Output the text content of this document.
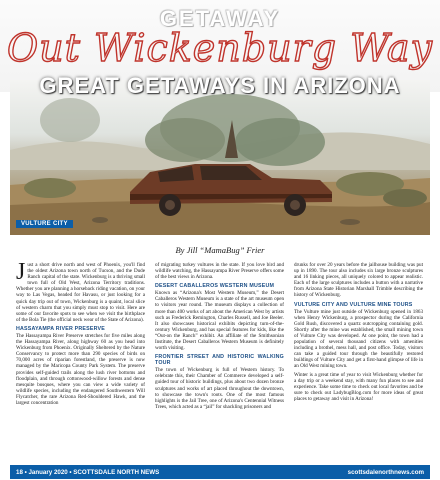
GETAWAY
Out Wickenburg Way
VULTURE CITY
GREAT GETAWAYS IN ARIZONA
By Jill “MamaBug” Frier

Just a short drive north and west of Phoenix, you'll find the oldest Arizona town north of Tucson, and the Dude Ranch capital of the state. Wickenburg is a thriving small town full of Old West, Arizona Territory traditions. Whether you are planning a horseback riding vacation, on your way to Las Vegas, headed for Havasu, or just looking for a quick day trip out of town, Wickenburg is a quaint, local slice of western charm that you simply must stop to visit. Here are some of our favorite spots to see when we visit the birthplace of the Bola Tie (the official neck wear of the State of Arizona).

HASSAYAMPA RIVER PRESERVE

The Hassayampa River Preserve stretches for five miles along the Hassayampa River, along highway 60 as you head into Wickenburg from Phoenix. Originally Sheltered by the Nature Conservancy to protect more than 290 species of birds on 70,000 acres of riparian forestland, the preserve is now managed by the Maricopa County Park System. The preserve provides self-guided trails along the lush river bottoms and floodplain, and through cottonwood-willow forests and dense mesquite bosques, where you can view a wide variety of wildlife species, including the endangered Southwestern Will Flycatcher, the rare Arizona Red-Shouldered Hawk, and the largest concentration

of migrating turkey vultures in the state. If you love bird and wildlife watching, the Hassayampa River Preserve offers some of the best views in Arizona.

DESERT CABALLEROS WESTERN MUSEUM

Known as “Arizona's Most Western Museum,” the Desert Caballeros Western Museum is a state of the art museum open to visitors year round. The museum displays a collection of more than 400 works of art about the American West by artists such as Frederick Remington, Charles Russell, and Joe Beeler. It also showcases historical exhibits depicting turn-of-the-century Wickenburg, and has special features for kids, like the “Out-on the Ranch” exhibit. An affiliate of the Smithsonian Institute, the Desert Caballeros Western Museum is definitely worth visiting.

FRONTIER STREET AND HISTORIC WALKING TOUR

The town of Wickenburg is full of Western history. To celebrate this, their Chamber of Commerce developed a self-guided tour of historic buildings, plus about two dozen bronze sculptures and works of art placed throughout the downtown, to showcase the town's roots. One of the most famous highlights is the Jail Tree, one of Arizona's Centennial Witness Trees, which acted as a “jail” for shackling prisoners and

drunks for over 20 years before the jailhouse building was put up in 1890. The tour also includes six large bronze sculptures and 16 linking pieces, all uniquely colored to appear realistic. Each of the large sculptures includes a button with a narrative from Arizona State Historian Marshall Trimble describing the history of Wickenburg.

VULTURE CITY AND VULTURE MINE TOURS

The Vulture mine just outside of Wickenburg opened in 1863 when Henry Wickenburg, a prospector during the California Gold Rush, discovered a quartz outcropping containing gold. Shortly after the mine was established, the small mining town of Vulture City was developed. At one point, the town had a population of several thousand citizens with amenities including a brothel, mess hall, and post office. Today, visitors can take a guided tour through the beautifully restored buildings of Vulture City and get a first-hand glimpse of life in an Old West mining town.

Winter is a great time of year to visit Wickenburg whether for a day trip or a weekend stay, with many fun places to see and experience. Take some time to check out local favorites and be sure to check out LadybugBlog.com for more ideas of great places to getaway and visit in Arizona!

18 • January 2020 • SCOTTSDALE NORTH NEWS	scottsdalenorthnews.com
